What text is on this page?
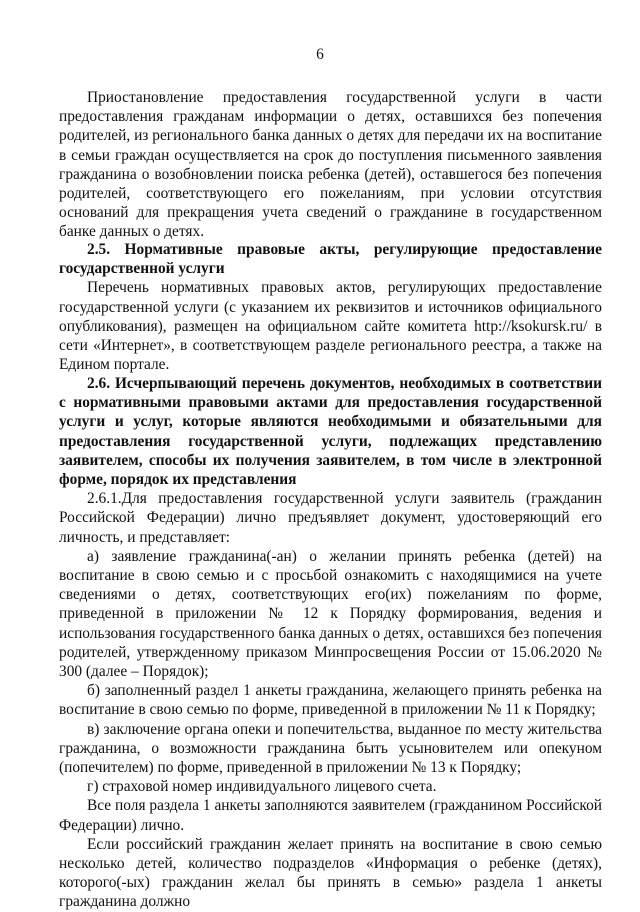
6

Приостановление предоставления государственной услуги в части предоставления гражданам информации о детях, оставшихся без попечения родителей, из регионального банка данных о детях для передачи их на воспитание в семьи граждан осуществляется на срок до поступления письменного заявления гражданина о возобновлении поиска ребенка (детей), оставшегося без попечения родителей, соответствующего его пожеланиям, при условии отсутствия оснований для прекращения учета сведений о гражданине в государственном банке данных о детях.

2.5. Нормативные правовые акты, регулирующие предоставление государственной услуги

Перечень нормативных правовых актов, регулирующих предоставление государственной услуги (с указанием их реквизитов и источников официального опубликования), размещен на официальном сайте комитета http://ksokursk.ru/ в сети «Интернет», в соответствующем разделе регионального реестра, а также на Едином портале.

2.6. Исчерпывающий перечень документов, необходимых в соответствии с нормативными правовыми актами для предоставления государственной услуги и услуг, которые являются необходимыми и обязательными для предоставления государственной услуги, подлежащих представлению заявителем, способы их получения заявителем, в том числе в электронной форме, порядок их представления

2.6.1.Для предоставления государственной услуги заявитель (гражданин Российской Федерации) лично предъявляет документ, удостоверяющий его личность, и представляет:

а) заявление гражданина(-ан) о желании принять ребенка (детей) на воспитание в свою семью и с просьбой ознакомить с находящимися на учете сведениями о детях, соответствующих его(их) пожеланиям по форме, приведенной в приложении № 12 к Порядку формирования, ведения и использования государственного банка данных о детях, оставшихся без попечения родителей, утвержденному приказом Минпросвещения России от 15.06.2020 № 300 (далее – Порядок);

б) заполненный раздел 1 анкеты гражданина, желающего принять ребенка на воспитание в свою семью по форме, приведенной в приложении № 11 к Порядку;

в) заключение органа опеки и попечительства, выданное по месту жительства гражданина, о возможности гражданина быть усыновителем или опекуном (попечителем) по форме, приведенной в приложении № 13 к Порядку;

г) страховой номер индивидуального лицевого счета.

Все поля раздела 1 анкеты заполняются заявителем (гражданином Российской Федерации) лично.

Если российский гражданин желает принять на воспитание в свою семью несколько детей, количество подразделов «Информация о ребенке (детях), которого(-ых) гражданин желал бы принять в семью» раздела 1 анкеты гражданина должно
